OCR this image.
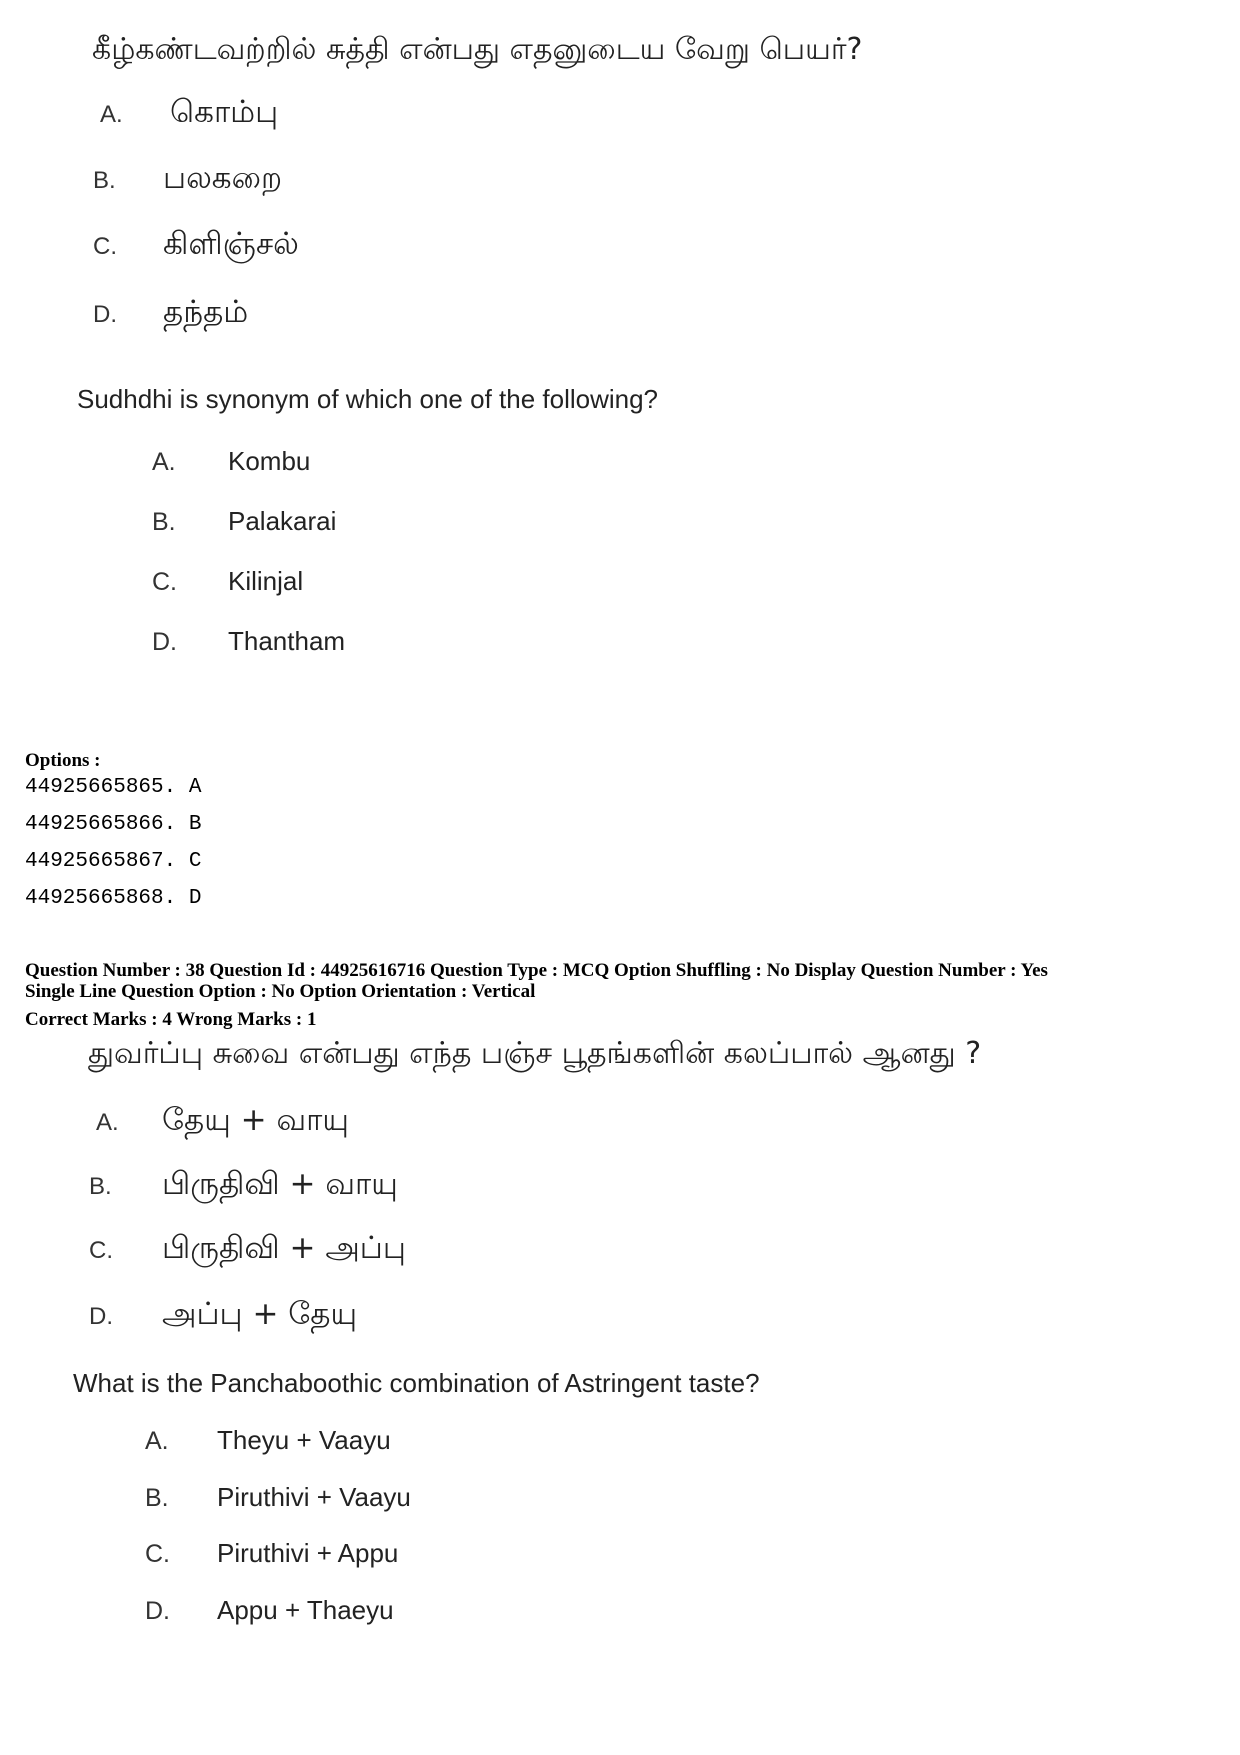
கீழ்கண்டவற்றில் சுத்தி என்பது எதனுடைய வேறு பெயர்?
A. கொம்பு
B. பலகறை
C. கிளிஞ்சல்
D. தந்தம்
Sudhdhi is synonym of which one of the following?
A. Kombu
B. Palakarai
C. Kilinjal
D. Thantham
Options :
44925665865. A
44925665866. B
44925665867. C
44925665868. D
Question Number : 38 Question Id : 44925616716 Question Type : MCQ Option Shuffling : No Display Question Number : Yes
Single Line Question Option : No Option Orientation : Vertical
Correct Marks : 4 Wrong Marks : 1
துவர்ப்பு சுவை என்பது எந்த பஞ்ச பூதங்களின் கலப்பால் ஆனது ?
A. தேயு + வாயு
B. பிருதிவி + வாயு
C. பிருதிவி + அப்பு
D. அப்பு + தேயு
What is the Panchaboothic combination of Astringent taste?
A. Theyu + Vaayu
B. Piruthivi + Vaayu
C. Piruthivi + Appu
D. Appu + Thaeyu
